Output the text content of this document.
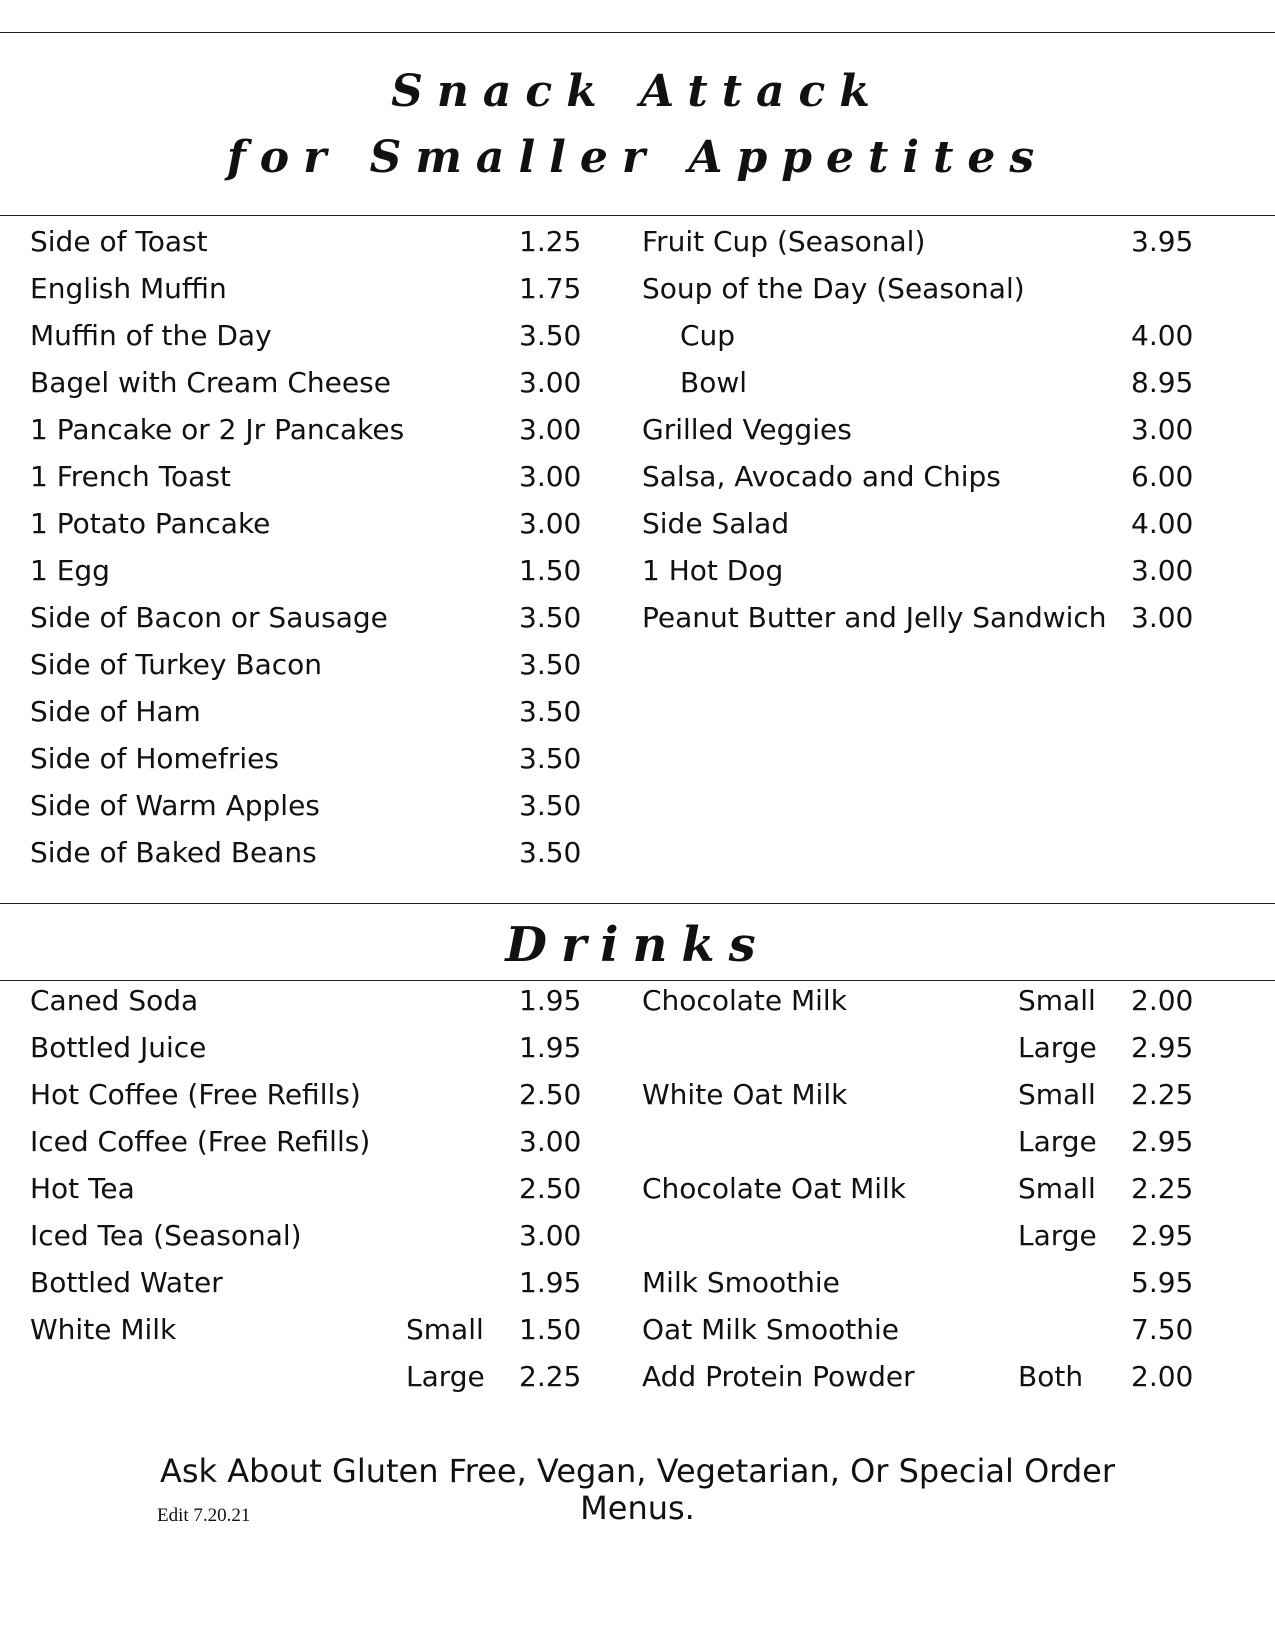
Snack Attack
for Smaller Appetites
Side of Toast	1.25
English Muffin	1.75
Muffin of the Day	3.50
Bagel with Cream Cheese	3.00
1 Pancake or 2 Jr Pancakes	3.00
1 French Toast	3.00
1 Potato Pancake	3.00
1 Egg	1.50
Side of Bacon or Sausage	3.50
Side of Turkey Bacon	3.50
Side of Ham	3.50
Side of Homefries	3.50
Side of Warm Apples	3.50
Side of Baked Beans	3.50
Fruit Cup (Seasonal)	3.95
Soup of the Day (Seasonal)
Cup	4.00
Bowl	8.95
Grilled Veggies	3.00
Salsa, Avocado and Chips	6.00
Side Salad	4.00
1 Hot Dog	3.00
Peanut Butter and Jelly Sandwich 3.00
Drinks
Caned Soda	1.95
Bottled Juice	1.95
Hot Coffee (Free Refills)	2.50
Iced Coffee (Free Refills)	3.00
Hot Tea	2.50
Iced Tea (Seasonal)	3.00
Bottled Water	1.95
White Milk	Small 1.50
Large 2.25
Chocolate Milk	Small 2.00
Large 2.95
White Oat Milk	Small 2.25
Large 2.95
Chocolate Oat Milk	Small 2.25
Large 2.95
Milk Smoothie	5.95
Oat Milk Smoothie	7.50
Add Protein Powder	Both 2.00
Ask About Gluten Free, Vegan, Vegetarian, Or Special Order Menus.
Edit 7.20.21
